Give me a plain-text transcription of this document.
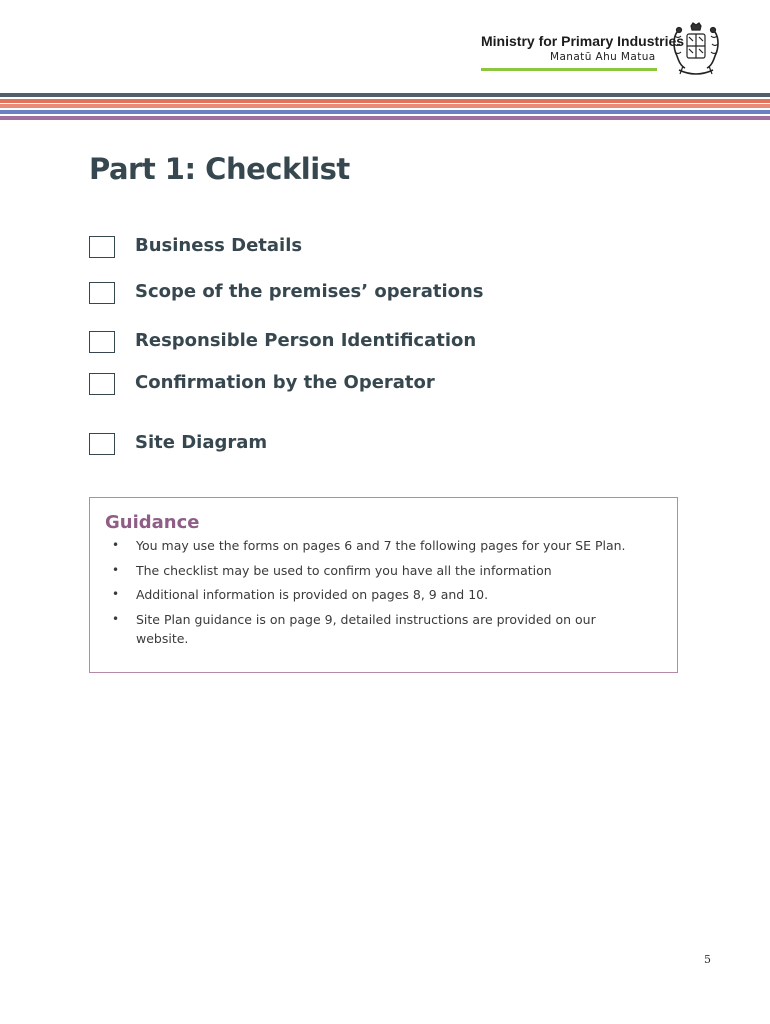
Ministry for Primary Industries
Manatū Ahu Matua
Part 1: Checklist
Business Details
Scope of the premises’ operations
Responsible Person Identification
Confirmation by the Operator
Site Diagram
Guidance
• You may use the forms on pages 6 and 7 the following pages for your SE Plan.
• The checklist may be used to confirm you have all the information
• Additional information is provided on pages 8, 9 and 10.
• Site Plan guidance is on page 9, detailed instructions are provided on our website.
5
